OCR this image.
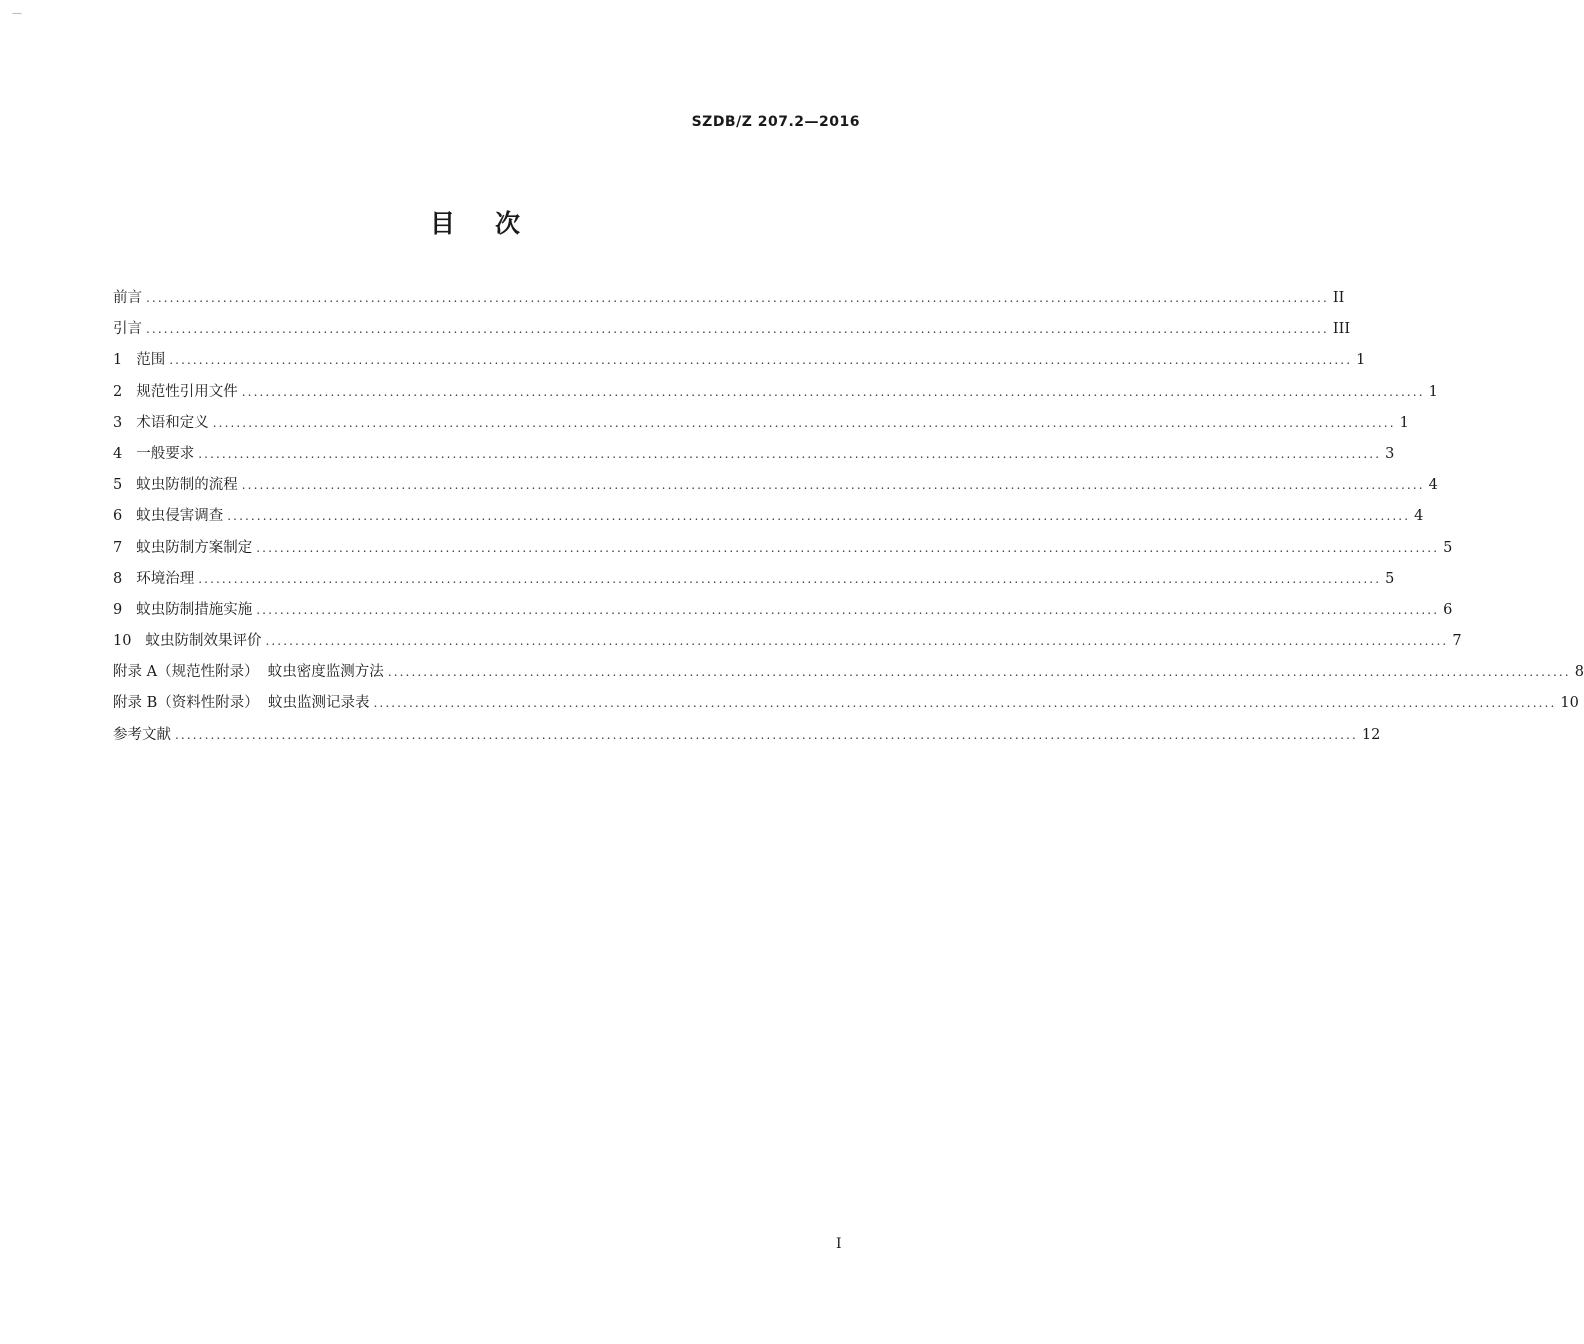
—
SZDB/Z 207.2—2016
目次
前言 ........................................................................................................................................................................................................ II
引言 ........................................................................................................................................................................................................ III
1 范围 ........................................................................................................................................................................................................ 1
2 规范性引用文件 ........................................................................................................................................................................................................ 1
3 术语和定义 ........................................................................................................................................................................................................ 1
4 一般要求 ........................................................................................................................................................................................................ 3
5 蚊虫防制的流程 ........................................................................................................................................................................................................ 4
6 蚊虫侵害调查 ........................................................................................................................................................................................................ 4
7 蚊虫防制方案制定 ........................................................................................................................................................................................................ 5
8 环境治理 ........................................................................................................................................................................................................ 5
9 蚊虫防制措施实施 ........................................................................................................................................................................................................ 6
10 蚊虫防制效果评价 ........................................................................................................................................................................................................ 7
附录 A（规范性附录）  蚊虫密度监测方法 ........................................................................................................................................................................................................ 8
附录 B（资料性附录）  蚊虫监测记录表 ........................................................................................................................................................................................................ 10
参考文献 ........................................................................................................................................................................................................ 12
I
